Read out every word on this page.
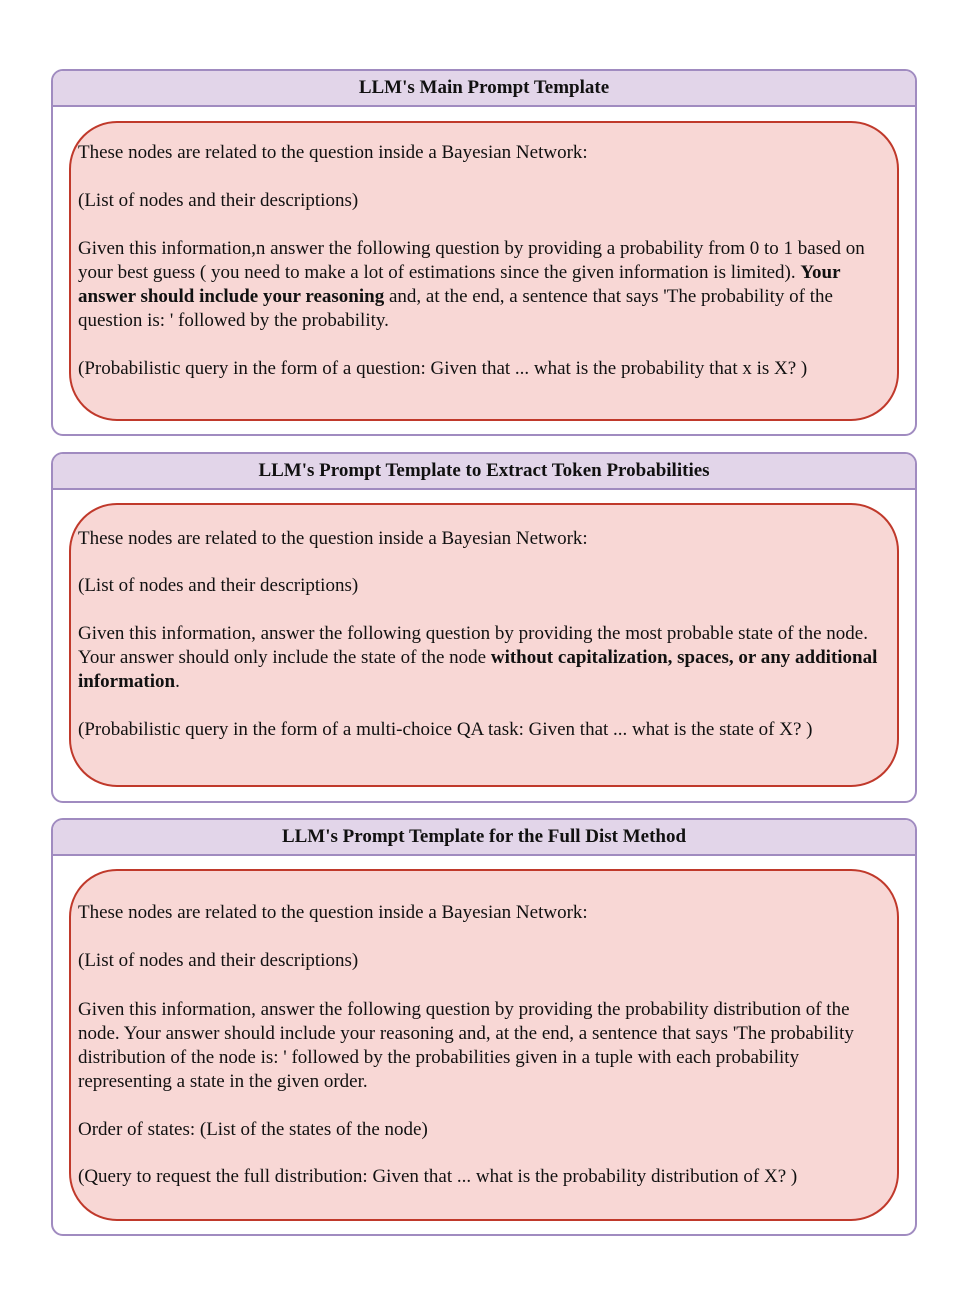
LLM's Main Prompt Template

These nodes are related to the question inside a Bayesian Network:

(List of nodes and their descriptions)

Given this information,n answer the following question by providing a probability from 0 to 1 based on your best guess ( you need to make a lot of estimations since the given information is limited). Your answer should include your reasoning and, at the end, a sentence that says 'The probability of the question is: ' followed by the probability.

(Probabilistic query in the form of a question: Given that ... what is the probability that x is X? )

LLM's Prompt Template to Extract Token Probabilities

These nodes are related to the question inside a Bayesian Network:

(List of nodes and their descriptions)

Given this information, answer the following question by providing the most probable state of the node. Your answer should only include the state of the node without capitalization, spaces, or any additional information.

(Probabilistic query in the form of a multi-choice QA task: Given that ... what is the state of X? )

LLM's Prompt Template for the Full Dist Method

These nodes are related to the question inside a Bayesian Network:

(List of nodes and their descriptions)

Given this information, answer the following question by providing the probability distribution of the node. Your answer should include your reasoning and, at the end, a sentence that says 'The probability distribution of the node is: ' followed by the probabilities given in a tuple with each probability representing a state in the given order.

Order of states: (List of the states of the node)

(Query to request the full distribution: Given that ... what is the probability distribution of X? )
